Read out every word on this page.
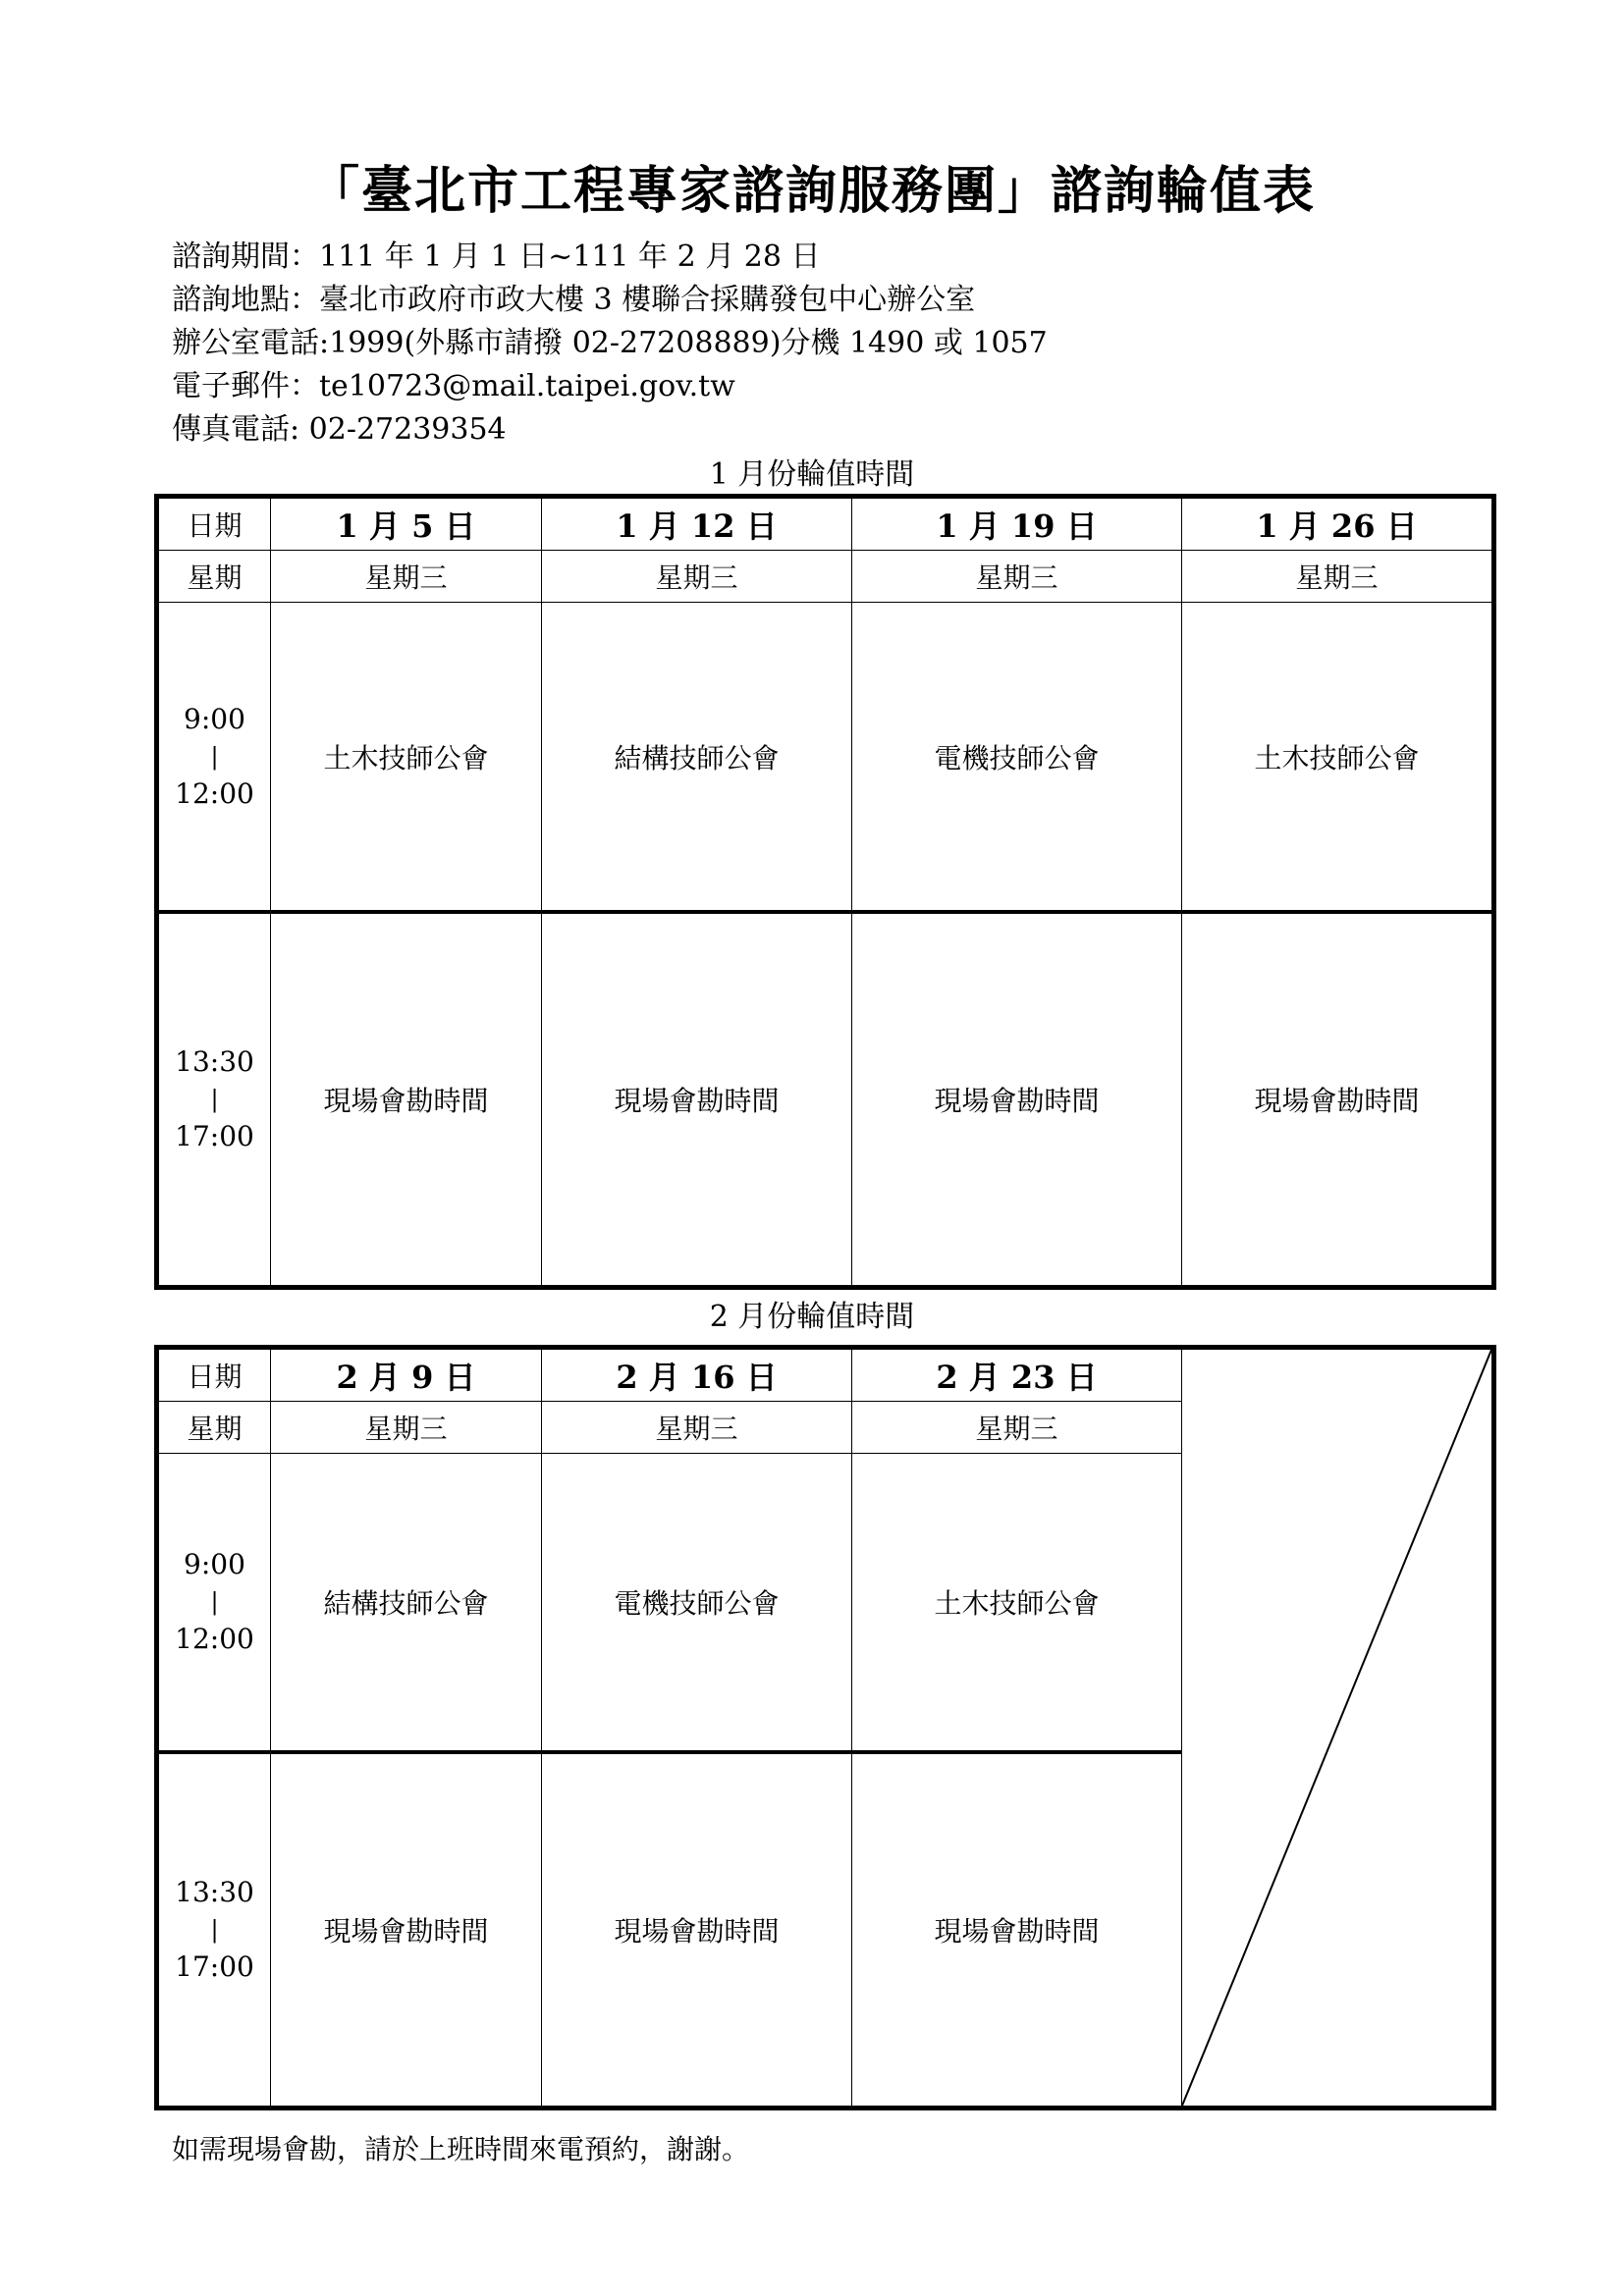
「臺北市工程專家諮詢服務團」諮詢輪值表
諮詢期間：111 年 1 月 1 日~111 年 2 月 28 日
諮詢地點：臺北市政府市政大樓 3 樓聯合採購發包中心辦公室
辦公室電話:1999(外縣市請撥 02-27208889)分機 1490 或 1057
電子郵件：te10723@mail.taipei.gov.tw
傳真電話: 02-27239354
1 月份輪值時間
日期	1 月 5 日	1 月 12 日	1 月 19 日	1 月 26 日
星期	星期三	星期三	星期三	星期三

9:00
|
12:00	土木技師公會	結構技師公會	電機技師公會	土木技師公會

13:30
|
17:00	現場會勘時間	現場會勘時間	現場會勘時間	現場會勘時間
2 月份輪值時間
日期	2 月 9 日	2 月 16 日	2 月 23 日	

星期	星期三	星期三	星期三	

9:00
|
12:00	結構技師公會	電機技師公會	土木技師公會	

13:30
|
17:00	現場會勘時間	現場會勘時間	現場會勘時間	
如需現場會勘，請於上班時間來電預約，謝謝。
